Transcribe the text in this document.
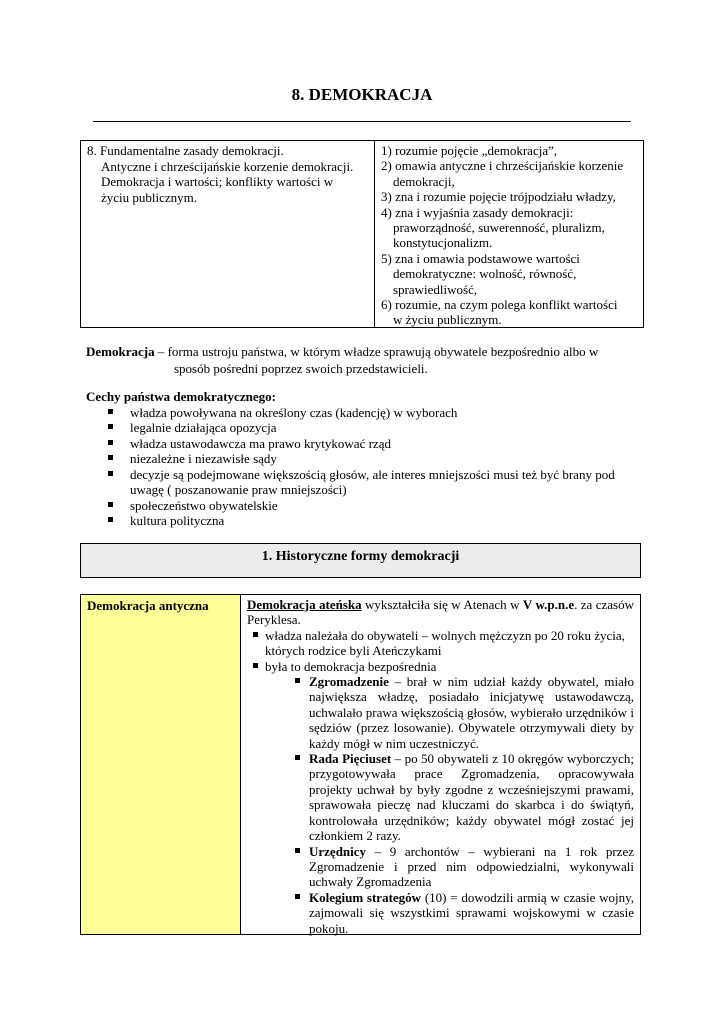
8. DEMOKRACJA
8. Fundamentalne zasady demokracji.
Antyczne i chrześcijańskie korzenie demokracji.
Demokracja i wartości; konflikty wartości w
życiu publicznym.
1) rozumie pojęcie „demokracja”,
2) omawia antyczne i chrześcijańskie korzenie
demokracji,
3) zna i rozumie pojęcie trójpodziału władzy,
4) zna i wyjaśnia zasady demokracji:
praworządność, suwerenność, pluralizm,
konstytucjonalizm.
5) zna i omawia podstawowe wartości
demokratyczne: wolność, równość,
sprawiedliwość,
6) rozumie, na czym polega konflikt wartości
w życiu publicznym.
Demokracja – forma ustroju państwa, w którym władze sprawują obywatele bezpośrednio albo w
sposób pośredni poprzez swoich przedstawicieli.
Cechy państwa demokratycznego:
władza powoływana na określony czas (kadencję) w wyborach
legalnie działająca opozycja
władza ustawodawcza ma prawo krytykować rząd
niezależne i niezawisłe sądy
decyzje są podejmowane większością głosów, ale interes mniejszości musi też być brany pod uwagę ( poszanowanie praw mniejszości)
społeczeństwo obywatelskie
kultura polityczna
1. Historyczne formy demokracji
Demokracja antyczna	Demokracja ateńska wykształciła się w Atenach w V w.p.n.e. za czasów Peryklesa.
władza należała do obywateli – wolnych mężczyzn po 20 roku życia, których rodzice byli Ateńczykami
była to demokracja bezpośrednia
Zgromadzenie – brał w nim udział każdy obywatel, miało największa władzę, posiadało inicjatywę ustawodawczą, uchwalało prawa większością głosów, wybierało urzędników i sędziów (przez losowanie). Obywatele otrzymywali diety by każdy mógł w nim uczestniczyć.
Rada Pięciuset – po 50 obywateli z 10 okręgów wyborczych; przygotowywała prace Zgromadzenia, opracowywała projekty uchwał by były zgodne z wcześniejszymi prawami, sprawowała pieczę nad kluczami do skarbca i do świątyń, kontrolowała urzędników; każdy obywatel mógł zostać jej członkiem 2 razy.
Urzędnicy – 9 archontów – wybierani na 1 rok przez Zgromadzenie i przed nim odpowiedzialni, wykonywali uchwały Zgromadzenia
Kolegium strategów (10) = dowodzili armią w czasie wojny, zajmowali się wszystkimi sprawami wojskowymi w czasie pokoju.
